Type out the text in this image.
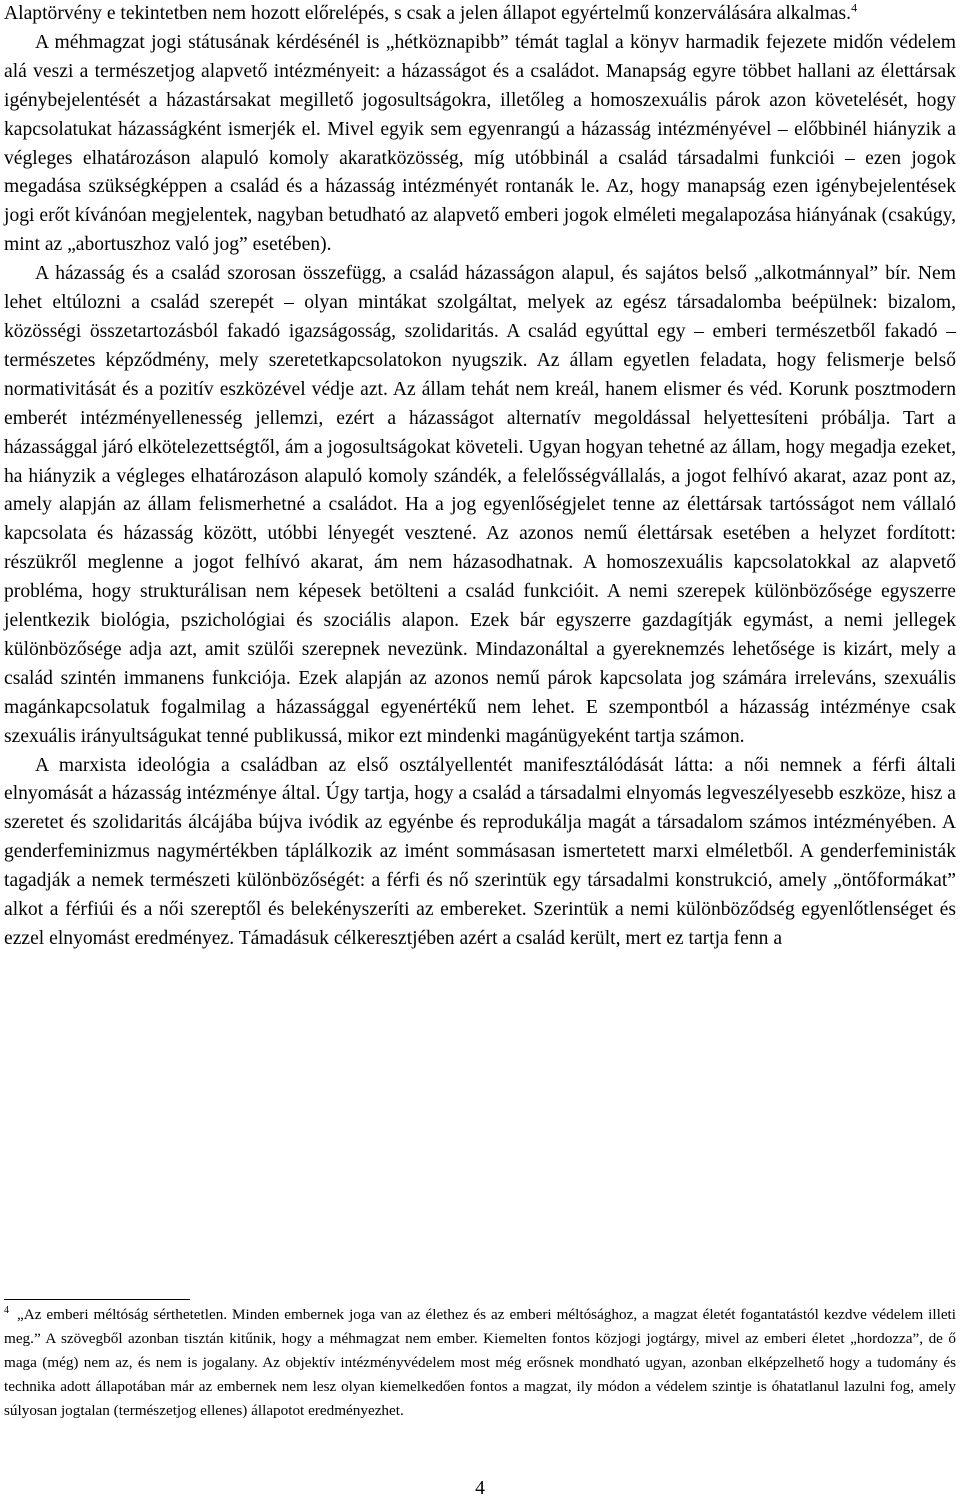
Alaptörvény e tekintetben nem hozott előrelépés, s csak a jelen állapot egyértelmű konzerválására alkalmas.$^4$

A méhmagzat jogi státusának kérdésénél is „hétköznapibb” témát taglal a könyv harmadik fejezete midőn védelem alá veszi a természetjog alapvető intézményeit: a házasságot és a családot. Manapság egyre többet hallani az élettársak igénybejelentését a házastársakat megillető jogosultságokra, illetőleg a homoszexuális párok azon követelését, hogy kapcsolatukat házasságként ismerjék el. Mivel egyik sem egyenrangú a házasság intézményével – előbbinél hiányzik a végleges elhatározáson alapuló komoly akaratközösség, míg utóbbinál a család társadalmi funkciói – ezen jogok megadása szükségképpen a család és a házasság intézményét rontanák le. Az, hogy manapság ezen igénybejelentések jogi erőt kívánóan megjelentek, nagyban betudható az alapvető emberi jogok elméleti megalapozása hiányának (csakúgy, mint az „abortuszhoz való jog” esetében).

A házasság és a család szorosan összefügg, a család házasságon alapul, és sajátos belső „alkotmánnyal” bír. Nem lehet eltúlozni a család szerepét – olyan mintákat szolgáltat, melyek az egész társadalomba beépülnek: bizalom, közösségi összetartozásból fakadó igazságosság, szolidaritás. A család egyúttal egy – emberi természetből fakadó – természetes képződmény, mely szeretetkapcsolatokon nyugszik. Az állam egyetlen feladata, hogy felismerje belső normativitását és a pozitív eszközével védje azt. Az állam tehát nem kreál, hanem elismer és véd. Korunk posztmodern emberét intézményellenesség jellemzi, ezért a házasságot alternatív megoldással helyettesíteni próbálja. Tart a házassággal járó elkötelezettségtől, ám a jogosultságokat követeli. Ugyan hogyan tehetné az állam, hogy megadja ezeket, ha hiányzik a végleges elhatározáson alapuló komoly szándék, a felelősségvállalás, a jogot felhívó akarat, azaz pont az, amely alapján az állam felismerhetné a családot. Ha a jog egyenlőségjelet tenne az élettársak tartósságot nem vállaló kapcsolata és házasság között, utóbbi lényegét vesztené. Az azonos nemű élettársak esetében a helyzet fordított: részükről meglenne a jogot felhívó akarat, ám nem házasodhatnak. A homoszexuális kapcsolatokkal az alapvető probléma, hogy strukturálisan nem képesek betölteni a család funkcióit. A nemi szerepek különbözősége egyszerre jelentkezik biológia, pszichológiai és szociális alapon. Ezek bár egyszerre gazdagítják egymást, a nemi jellegek különbözősége adja azt, amit szülői szerepnek nevezünk. Mindazonáltal a gyereknemzés lehetősége is kizárt, mely a család szintén immanens funkciója. Ezek alapján az azonos nemű párok kapcsolata jog számára irreleváns, szexuális magánkapcsolatuk fogalmilag a házassággal egyenértékű nem lehet. E szempontból a házasság intézménye csak szexuális irányultságukat tenné publikussá, mikor ezt mindenki magánügyeként tartja számon.

A marxista ideológia a családban az első osztályellentét manifesztálódását látta: a női nemnek a férfi általi elnyomását a házasság intézménye által. Úgy tartja, hogy a család a társadalmi elnyomás legveszélyesebb eszköze, hisz a szeretet és szolidaritás álcájába bújva ivódik az egyénbe és reprodukálja magát a társadalom számos intézményében. A genderfeminizmus nagymértékben táplálkozik az imént sommásasan ismertetett marxi elméletből. A genderfeministák tagadják a nemek természeti különbözőségét: a férfi és nő szerintük egy társadalmi konstrukció, amely „öntőformákat” alkot a férfiúi és a női szereptől és belekényszeríti az embereket. Szerintük a nemi különböződség egyenlőtlenséget és ezzel elnyomást eredményez. Támadásuk célkeresztjében azért a család került, mert ez tartja fenn a

$^4$ „Az emberi méltóság sérthetetlen. Minden embernek joga van az élethez és az emberi méltósághoz, a magzat életét fogantatástól kezdve védelem illeti meg.” A szövegből azonban tisztán kitűnik, hogy a méhmagzat nem ember. Kiemelten fontos közjogi jogtárgy, mivel az emberi életet „hordozza”, de ő maga (még) nem az, és nem is jogalany. Az objektív intézményvédelem most még erősnek mondható ugyan, azonban elképzelhető hogy a tudomány és technika adott állapotában már az embernek nem lesz olyan kiemelkedően fontos a magzat, ily módon a védelem szintje is óhatatlanul lazulni fog, amely súlyosan jogtalan (természetjog ellenes) állapotot eredményezhet.

4
